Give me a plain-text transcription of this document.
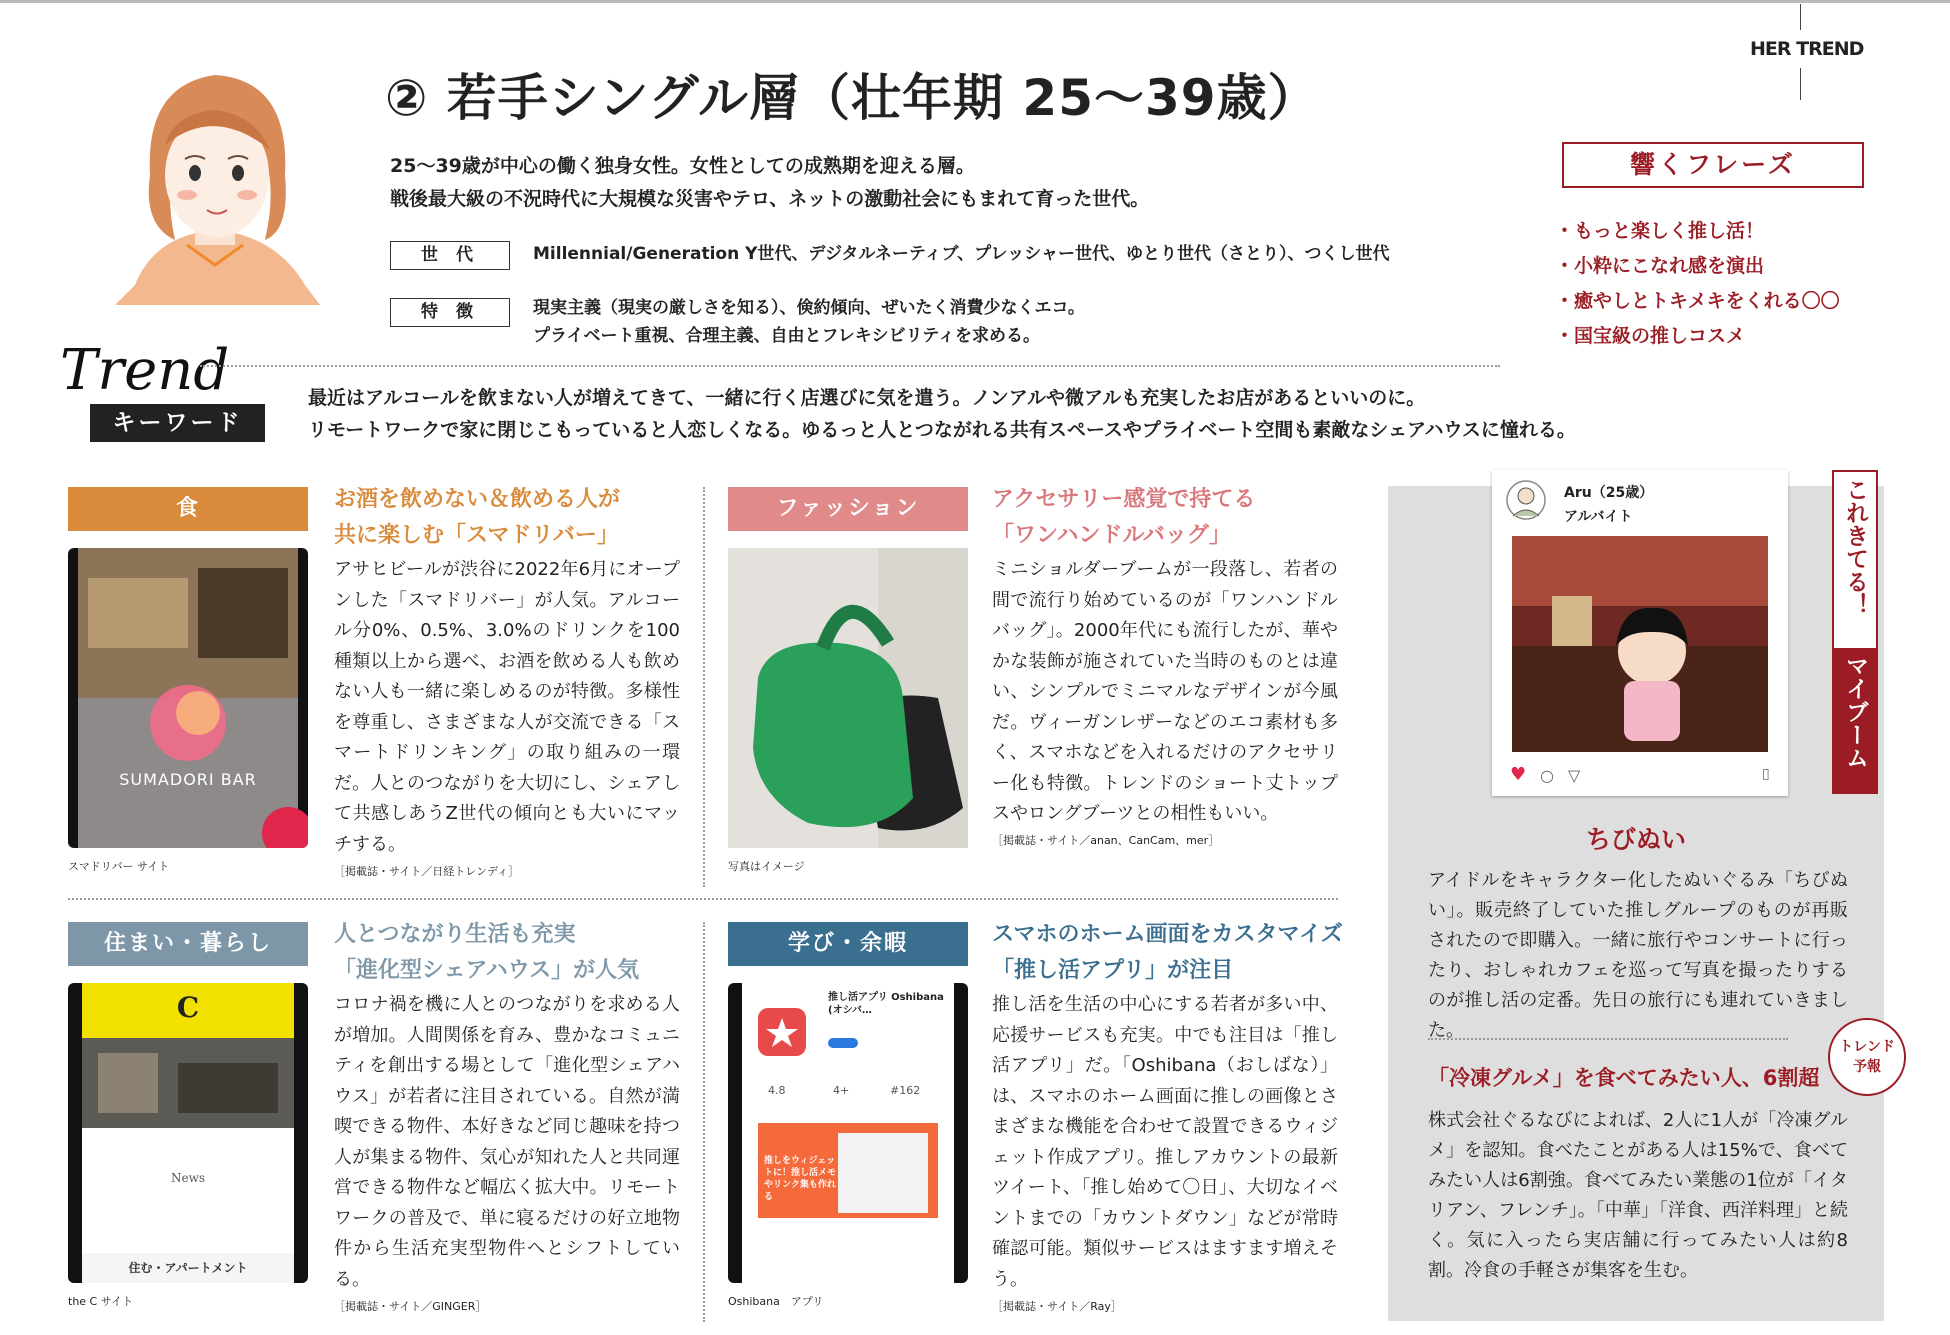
HER TREND
② 若手シングル層（壮年期 25〜39歳）
25〜39歳が中心の働く独身女性。女性としての成熟期を迎える層。
戦後最大級の不況時代に大規模な災害やテロ、ネットの激動社会にもまれて育った世代。
世 代	Millennial/Generation Y世代、デジタルネーティブ、プレッシャー世代、ゆとり世代（さとり）、つくし世代
特 徴	現実主義（現実の厳しさを知る）、倹約傾向、ぜいたく消費少なくエコ。
プライベート重視、合理主義、自由とフレキシビリティを求める。
響くフレーズ
・もっと楽しく推し活！
・小粋にこなれ感を演出
・癒やしとトキメキをくれる〇〇
・国宝級の推しコスメ
Trend
キーワード
最近はアルコールを飲まない人が増えてきて、一緒に行く店選びに気を遣う。ノンアルや微アルも充実したお店があるといいのに。
リモートワークで家に閉じこもっていると人恋しくなる。ゆるっと人とつながれる共有スペースやプライベート空間も素敵なシェアハウスに憧れる。
食
SUMADORI BAR
スマドリバー サイト
お酒を飲めない＆飲める人が
共に楽しむ「スマドリバー」
アサヒビールが渋谷に2022年6月にオープンした「スマドリバー」が人気。アルコール分0%、0.5%、3.0%のドリンクを100種類以上から選べ、お酒を飲める人も飲めない人も一緒に楽しめるのが特徴。多様性を尊重し、さまざまな人が交流できる「スマートドリンキング」の取り組みの一環だ。人とのつながりを大切にし、シェアして共感しあうZ世代の傾向とも大いにマッチする。
［掲載誌・サイト／日経トレンディ］
ファッション
写真はイメージ
アクセサリー感覚で持てる
「ワンハンドルバッグ」
ミニショルダーブームが一段落し、若者の間で流行り始めているのが「ワンハンドルバッグ」。2000年代にも流行したが、華やかな装飾が施されていた当時のものとは違い、シンプルでミニマルなデザインが今風だ。ヴィーガンレザーなどのエコ素材も多く、スマホなどを入れるだけのアクセサリー化も特徴。トレンドのショート丈トップスやロングブーツとの相性もいい。
［掲載誌・サイト／anan、CanCam、mer］
住まい・暮らし
C
News
住む・アパートメント
the C サイト
人とつながり生活も充実
「進化型シェアハウス」が人気
コロナ禍を機に人とのつながりを求める人が増加。人間関係を育み、豊かなコミュニティを創出する場として「進化型シェアハウス」が若者に注目されている。自然が満喫できる物件、本好きなど同じ趣味を持つ人が集まる物件、気心が知れた人と共同運営できる物件など幅広く拡大中。リモートワークの普及で、単に寝るだけの好立地物件から生活充実型物件へとシフトしている。
［掲載誌・サイト／GINGER］
学び・余暇
推し活アプリ Oshibana (オシバ…
4.8	4+	#162
推しをウィジェットに！推し活メモやリンク集も作れる
Oshibana　アプリ
スマホのホーム画面をカスタマイズ
「推し活アプリ」が注目
推し活を生活の中心にする若者が多い中、応援サービスも充実。中でも注目は「推し活アプリ」だ。「Oshibana（おしばな）」は、スマホのホーム画面に推しの画像とさまざまな機能を合わせて設置できるウィジェット作成アプリ。推しアカウントの最新ツイート、「推し始めて〇日」、大切なイベントまでの「カウントダウン」などが常時確認可能。類似サービスはますます増えそう。
［掲載誌・サイト／Ray］
Aru（25歳）
アルバイト
♥ ○ ▽	▯
これきてる！
マイブーム
ちびぬい
アイドルをキャラクター化したぬいぐるみ「ちびぬい」。販売終了していた推しグループのものが再販されたので即購入。一緒に旅行やコンサートに行ったり、おしゃれカフェを巡って写真を撮ったりするのが推し活の定番。先日の旅行にも連れていきました。
トレンド
予報
「冷凍グルメ」を食べてみたい人、6割超
株式会社ぐるなびによれば、2人に1人が「冷凍グルメ」を認知。食べたことがある人は15%で、食べてみたい人は6割強。食べてみたい業態の1位が「イタリアン、フレンチ」。「中華」「洋食、西洋料理」と続く。気に入ったら実店舗に行ってみたい人は約8割。冷食の手軽さが集客を生む。
